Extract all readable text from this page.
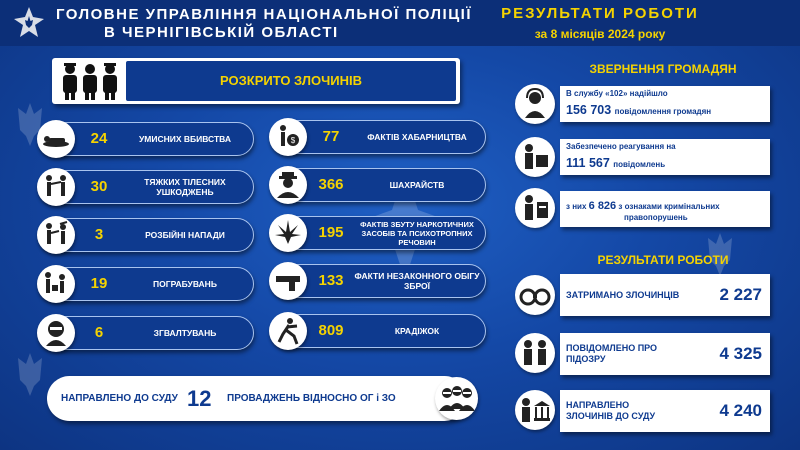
ГОЛОВНЕ УПРАВЛІННЯ НАЦІОНАЛЬНОЇ ПОЛІЦІЇ
В ЧЕРНІГІВСЬКІЙ ОБЛАСТІ
РЕЗУЛЬТАТИ РОБОТИ
за 8 місяців 2024 року
РОЗКРИТО ЗЛОЧИНІВ
24	УМИСНИХ ВБИВСТВА
30	ТЯЖКИХ ТІЛЕСНИХ УШКОДЖЕНЬ
3	РОЗБІЙНІ НАПАДИ
19	ПОГРАБУВАНЬ
6	ЗГВАЛТУВАНЬ
$	77	ФАКТІВ ХАБАРНИЦТВА
366	ШАХРАЙСТВ
195	ФАКТІВ ЗБУТУ НАРКОТИЧНИХ ЗАСОБІВ ТА ПСИХОТРОПНИХ РЕЧОВИН
133	ФАКТИ НЕЗАКОННОГО ОБІГУ ЗБРОЇ
809	КРАДІЖОК
НАПРАВЛЕНО ДО СУДУ 12 ПРОВАДЖЕНЬ ВІДНОСНО ОГ і ЗО
ЗВЕРНЕННЯ ГРОМАДЯН
В службу «102» надійшло
156 703 повідомлення громадян
Забезпечено реагування на
111 567 повідомлень
з них 6 826 з ознаками кримінальних
правопорушень
РЕЗУЛЬТАТИ РОБОТИ
ЗАТРИМАНО ЗЛОЧИНЦІВ	2 227
ПОВІДОМЛЕНО ПРО ПІДОЗРУ	4 325
НАПРАВЛЕНО ЗЛОЧИНІВ ДО СУДУ	4 240
